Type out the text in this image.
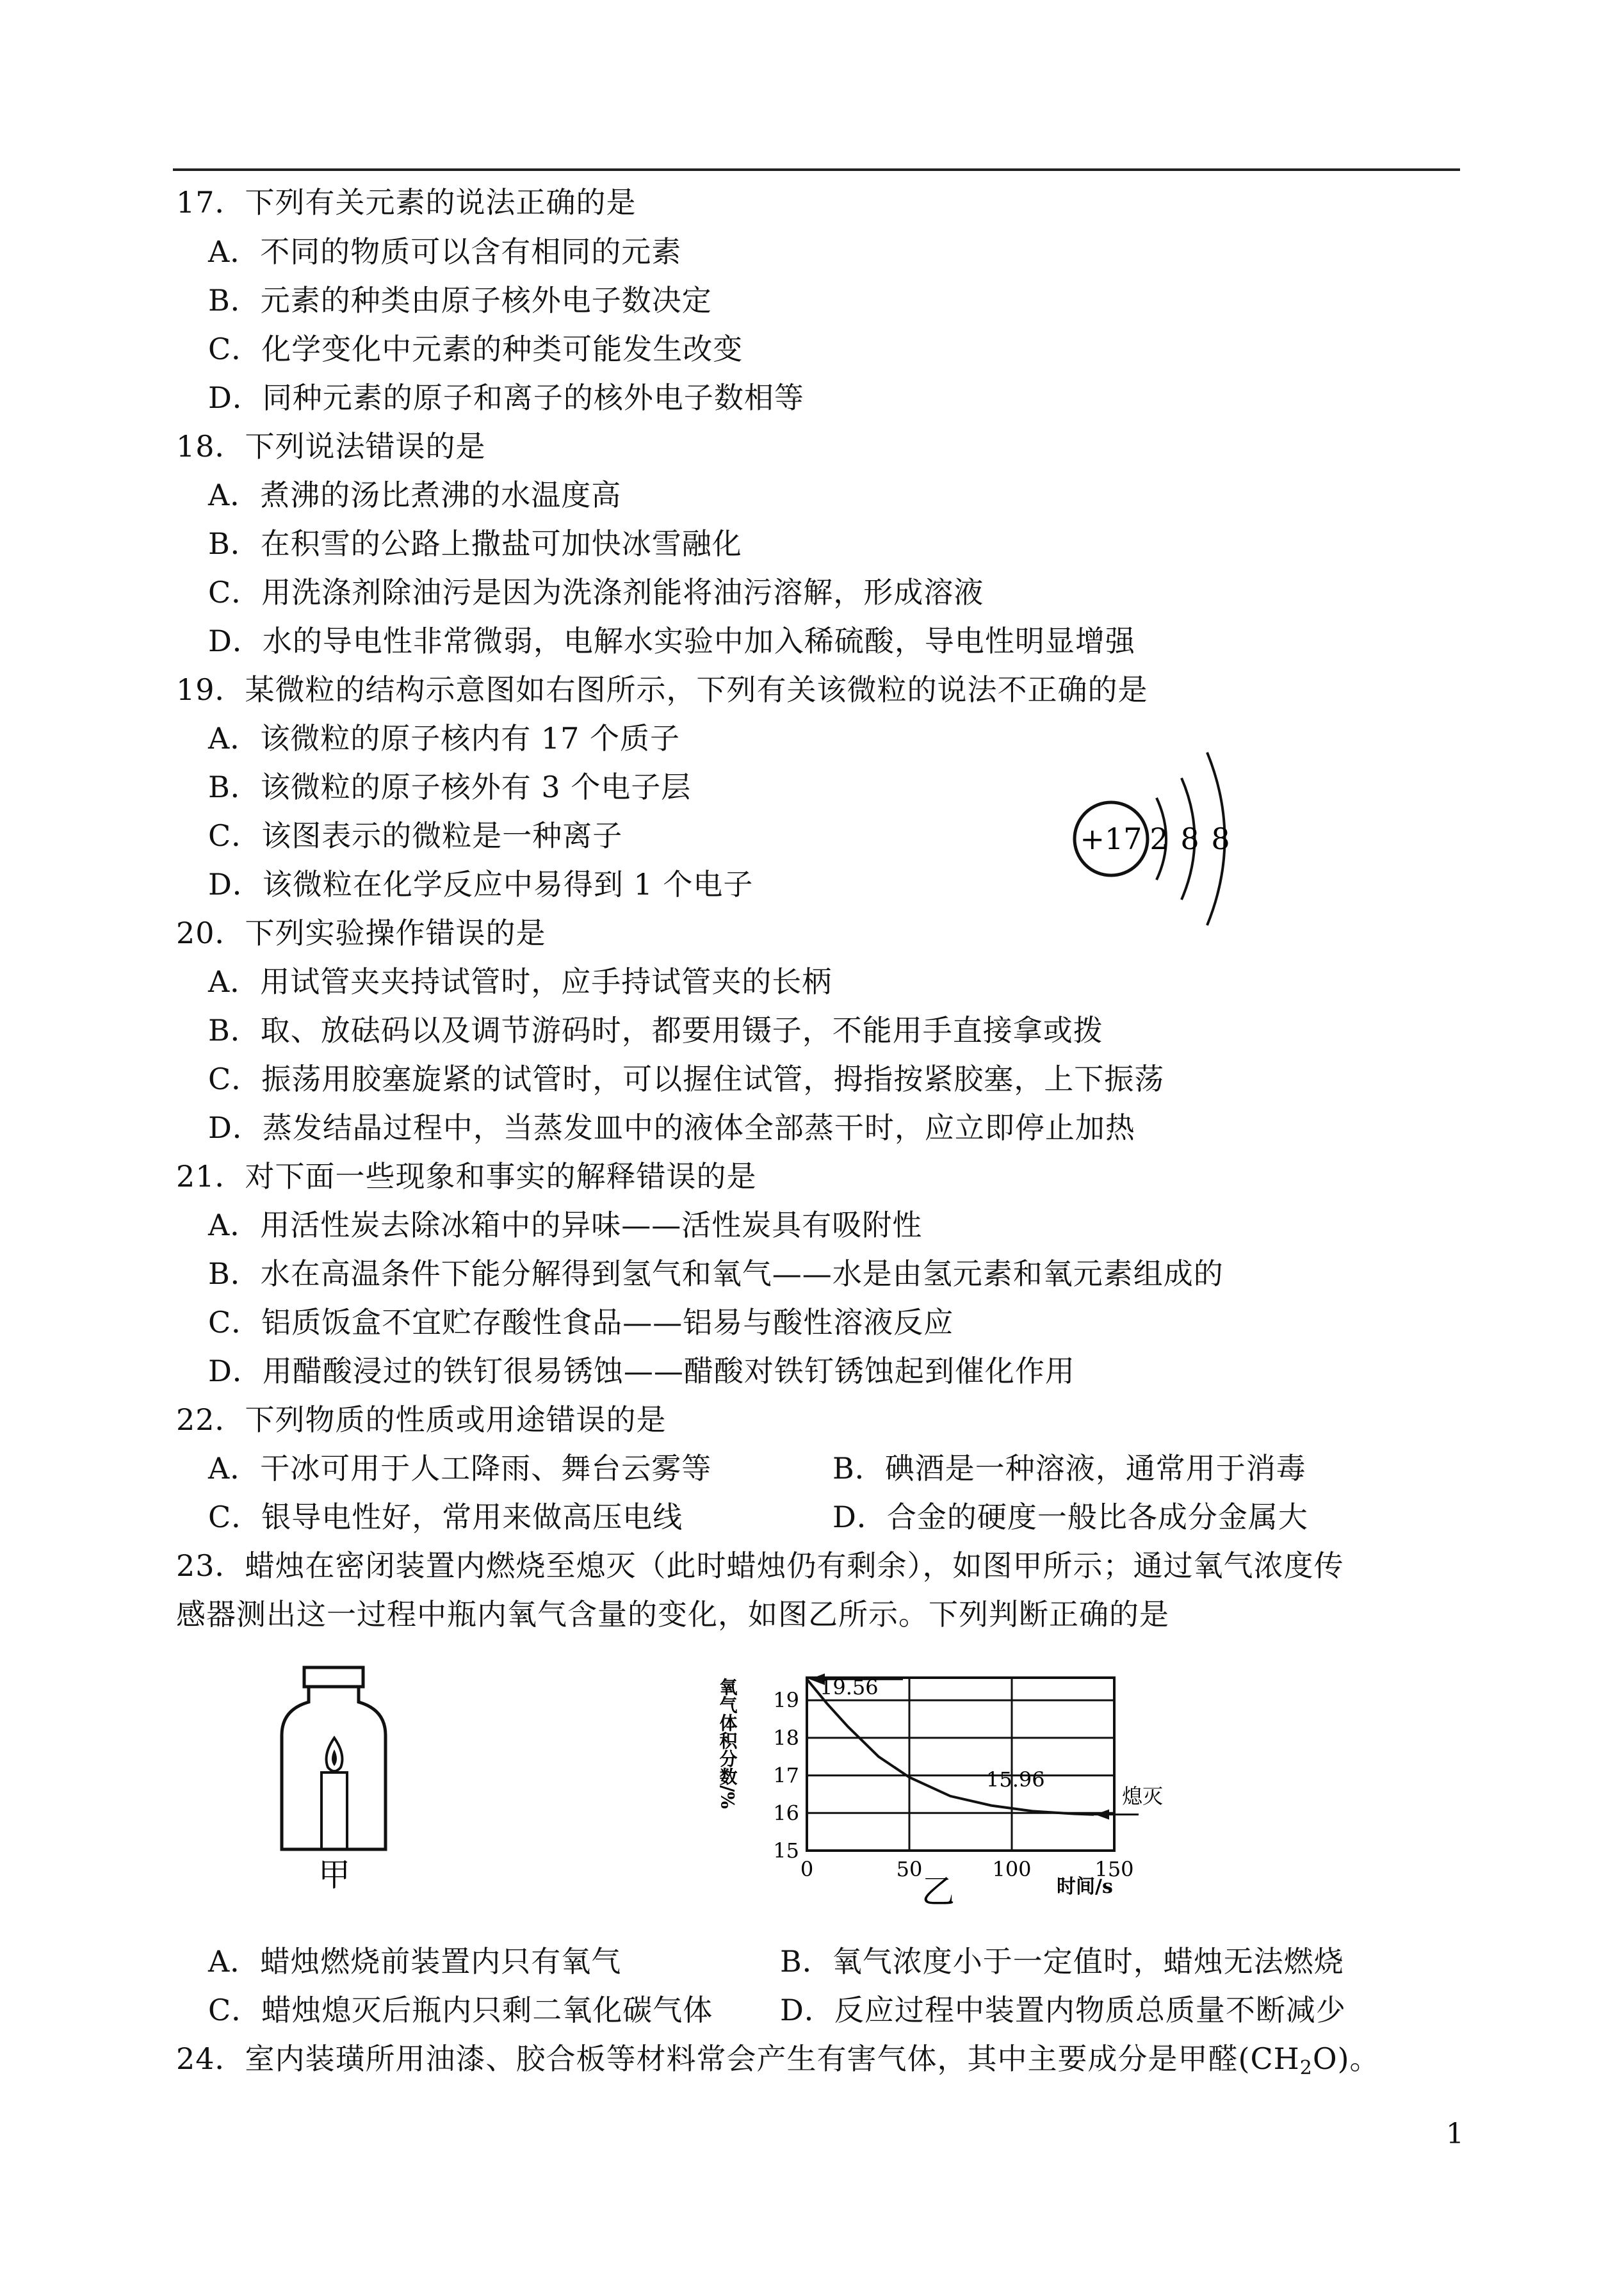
17．下列有关元素的说法正确的是
A．不同的物质可以含有相同的元素
B．元素的种类由原子核外电子数决定
C．化学变化中元素的种类可能发生改变
D．同种元素的原子和离子的核外电子数相等
18．下列说法错误的是
A．煮沸的汤比煮沸的水温度高
B．在积雪的公路上撒盐可加快冰雪融化
C．用洗涤剂除油污是因为洗涤剂能将油污溶解，形成溶液
D．水的导电性非常微弱，电解水实验中加入稀硫酸，导电性明显增强
19．某微粒的结构示意图如右图所示，下列有关该微粒的说法不正确的是
A．该微粒的原子核内有 17 个质子
B．该微粒的原子核外有 3 个电子层
C．该图表示的微粒是一种离子
D．该微粒在化学反应中易得到 1 个电子
+17 2 8 8
20．下列实验操作错误的是
A．用试管夹夹持试管时，应手持试管夹的长柄
B．取、放砝码以及调节游码时，都要用镊子，不能用手直接拿或拨
C．振荡用胶塞旋紧的试管时，可以握住试管，拇指按紧胶塞，上下振荡
D．蒸发结晶过程中，当蒸发皿中的液体全部蒸干时，应立即停止加热
21．对下面一些现象和事实的解释错误的是
A．用活性炭去除冰箱中的异味——活性炭具有吸附性
B．水在高温条件下能分解得到氢气和氧气——水是由氢元素和氧元素组成的
C．铝质饭盒不宜贮存酸性食品——铝易与酸性溶液反应
D．用醋酸浸过的铁钉很易锈蚀——醋酸对铁钉锈蚀起到催化作用
22．下列物质的性质或用途错误的是
A．干冰可用于人工降雨、舞台云雾等	B．碘酒是一种溶液，通常用于消毒
C．银导电性好，常用来做高压电线	D．合金的硬度一般比各成分金属大
23．蜡烛在密闭装置内燃烧至熄灭（此时蜡烛仍有剩余），如图甲所示；通过氧气浓度传
感器测出这一过程中瓶内氧气含量的变化，如图乙所示。下列判断正确的是
甲
15
16
17
18
19
0	50	100	150
氧气体积分数/%
时间/s
乙
19.56
15.96
熄灭
A．蜡烛燃烧前装置内只有氧气	B．氧气浓度小于一定值时，蜡烛无法燃烧
C．蜡烛熄灭后瓶内只剩二氧化碳气体 D．反应过程中装置内物质总质量不断减少
24．室内装璜所用油漆、胶合板等材料常会产生有害气体，其中主要成分是甲醛$(CH_2O)$。
1
